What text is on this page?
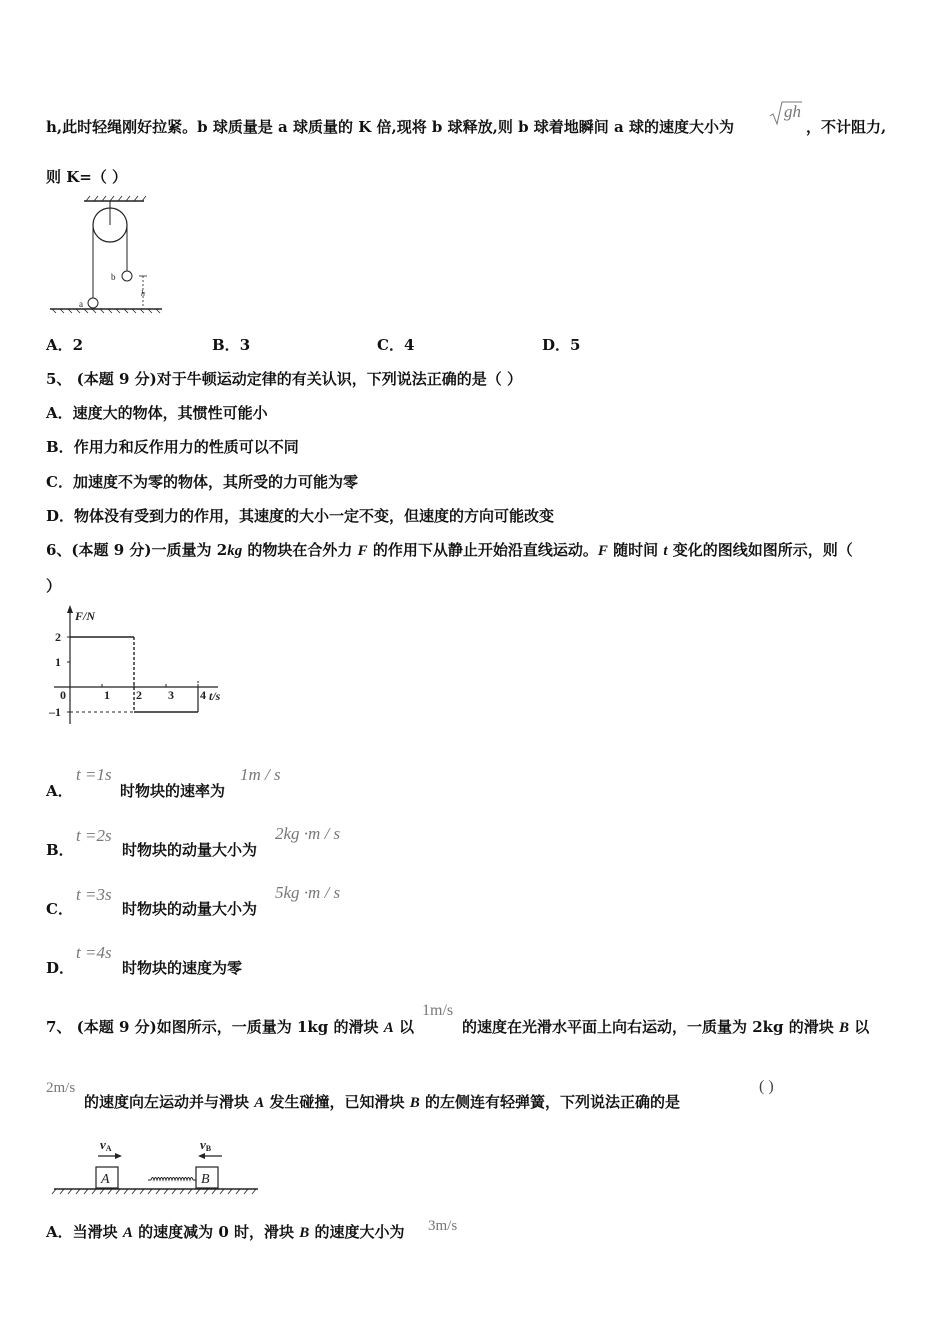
h,此时轻绳刚好拉紧。b 球质量是 a 球质量的 K 倍,现将 b 球释放,则 b 球着地瞬间 a 球的速度大小为
gh
，不计阻力,
则 K=（ ）
b
a
h
A．2	B．3	C．4	D．5
5、 (本题 9 分)对于牛顿运动定律的有关认识，下列说法正确的是（ ）
A．速度大的物体，其惯性可能小
B．作用力和反作用力的性质可以不同
C．加速度不为零的物体，其所受的力可能为零
D．物体没有受到力的作用，其速度的大小一定不变，但速度的方向可能改变
6、(本题 9 分)一质量为 2kg 的物块在合外力 F 的作用下从静止开始沿直线运动。F 随时间 t 变化的图线如图所示，则（
）
F/N
t/s
2
1
–1
0	1 2 3 4
A．
t =1s
时物块的速率为
1m / s
B．
t =2s
时物块的动量大小为
2kg ·m / s
C．
t =3s
时物块的动量大小为
5kg ·m / s
D．
t =4s
时物块的速度为零
7、 (本题 9 分)如图所示，一质量为 1kg 的滑块 A 以
1m/s
的速度在光滑水平面上向右运动，一质量为 2kg 的滑块 B 以
2m/s
的速度向左运动并与滑块 A 发生碰撞，已知滑块 B 的左侧连有轻弹簧，下列说法正确的是
( )
vA	vB
A	B
A．当滑块 A 的速度减为 0 时，滑块 B 的速度大小为 3m/s
